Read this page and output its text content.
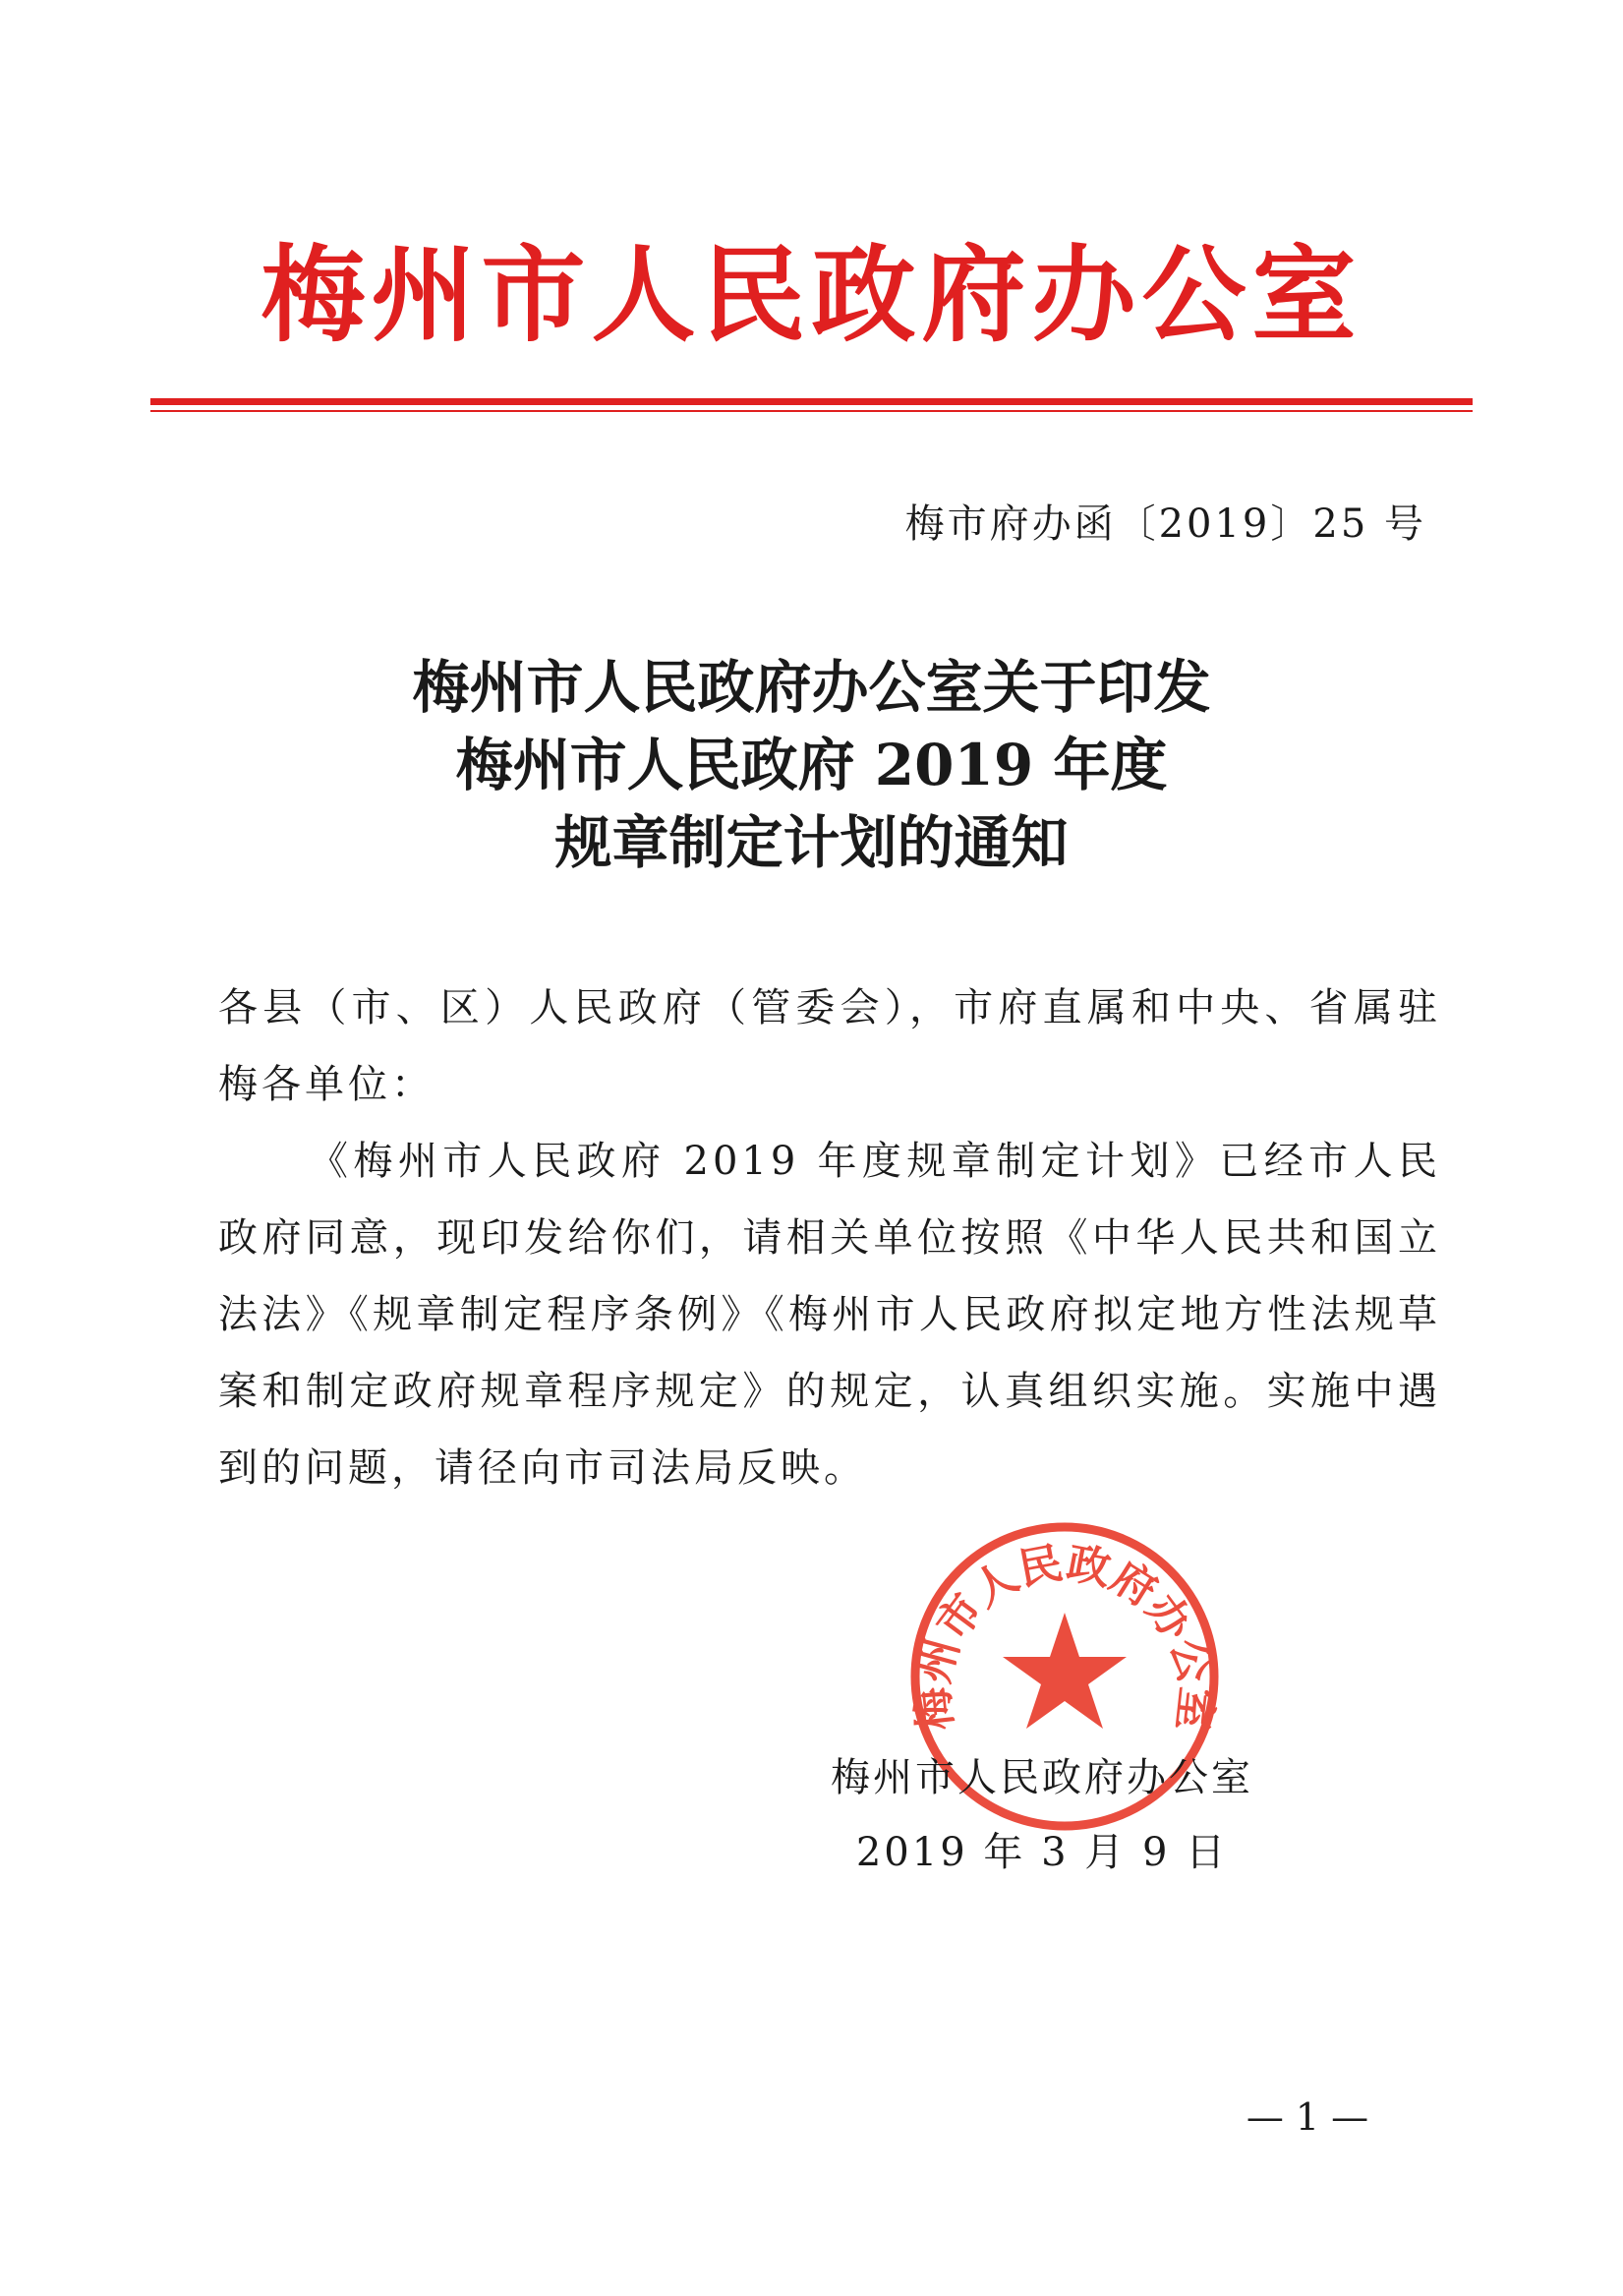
梅州市人民政府办公室
梅市府办函〔2019〕25 号
梅州市人民政府办公室关于印发
梅州市人民政府 2019 年度
规章制定计划的通知

各县（市、区）人民政府（管委会），市府直属和中央、省属驻梅各单位：

《梅州市人民政府 2019 年度规章制定计划》已经市人民政府同意，现印发给你们，请相关单位按照《中华人民共和国立法法》《规章制定程序条例》《梅州市人民政府拟定地方性法规草案和制定政府规章程序规定》的规定，认真组织实施。实施中遇到的问题，请径向市司法局反映。

梅州市人民政府办公室
梅州市人民政府办公室
2019 年 3 月 9 日
— 1 —
